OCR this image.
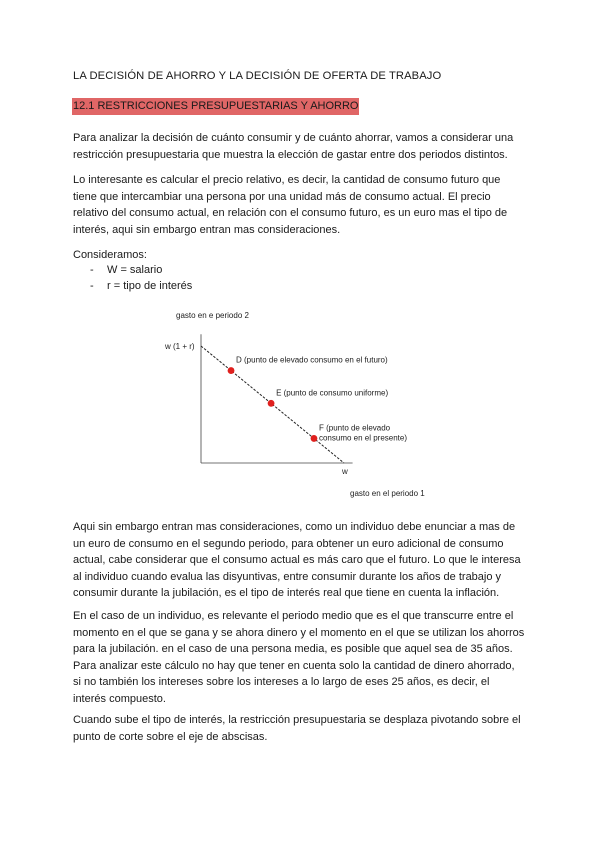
LA DECISIÓN DE AHORRO Y LA DECISIÓN DE OFERTA DE TRABAJO
12.1 RESTRICCIONES PRESUPUESTARIAS Y AHORRO
Para analizar la decisión de cuánto consumir y de cuánto ahorrar, vamos a considerar una
restricción presupuestaria que muestra la elección de gastar entre dos periodos distintos.
Lo interesante es calcular el precio relativo, es decir, la cantidad de consumo futuro que
tiene que intercambiar una persona por una unidad más de consumo actual. El precio
relativo del consumo actual, en relación con el consumo futuro, es un euro mas el tipo de
interés, aqui sin embargo entran mas consideraciones.
Consideramos:
-	W = salario
-	r = tipo de interés
gasto en e periodo 2
w (1 + r)
w
gasto en el periodo 1
D (punto de elevado consumo en el futuro)
E (punto de consumo uniforme)
F (punto de elevado
consumo en el presente)
Aqui sin embargo entran mas consideraciones, como un individuo debe enunciar a mas de
un euro de consumo en el segundo periodo, para obtener un euro adicional de consumo
actual, cabe considerar que el consumo actual es más caro que el futuro. Lo que le interesa
al individuo cuando evalua las disyuntivas, entre consumir durante los años de trabajo y
consumir durante la jubilación, es el tipo de interés real que tiene en cuenta la inflación.
En el caso de un individuo, es relevante el periodo medio que es el que transcurre entre el
momento en el que se gana y se ahora dinero y el momento en el que se utilizan los ahorros
para la jubilación. en el caso de una persona media, es posible que aquel sea de 35 años.
Para analizar este cálculo no hay que tener en cuenta solo la cantidad de dinero ahorrado,
si no también los intereses sobre los intereses a lo largo de eses 25 años, es decir, el
interés compuesto.
Cuando sube el tipo de interés, la restricción presupuestaria se desplaza pivotando sobre el
punto de corte sobre el eje de abscisas.
